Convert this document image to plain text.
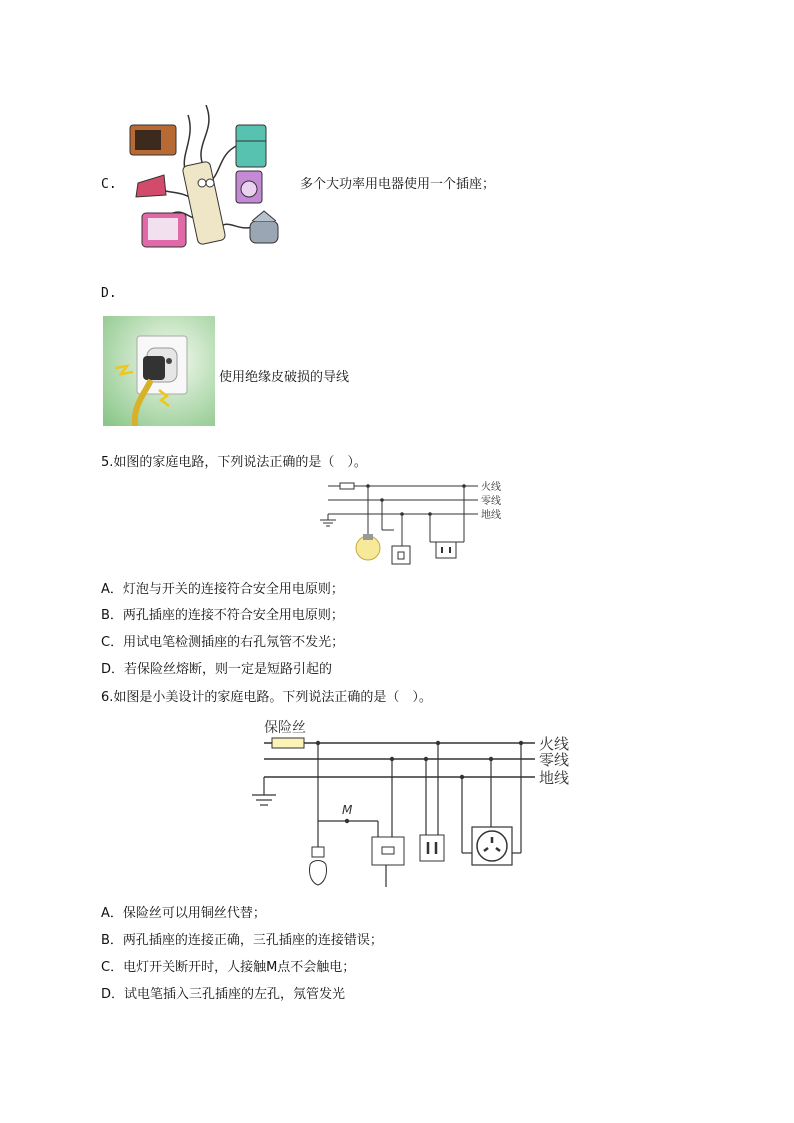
C.	多个大功率用电器使用一个插座；
D.
使用绝缘皮破损的导线
5.如图的家庭电路，下列说法正确的是（　）。
火线
零线
地线
A．灯泡与开关的连接符合安全用电原则；
B．两孔插座的连接不符合安全用电原则；
C．用试电笔检测插座的右孔氖管不发光；
D．若保险丝熔断，则一定是短路引起的
6.如图是小美设计的家庭电路。下列说法正确的是（　）。
保险丝
M
火线
零线
地线
A．保险丝可以用铜丝代替；
B．两孔插座的连接正确，三孔插座的连接错误；
C．电灯开关断开时，人接触M点不会触电；
D．试电笔插入三孔插座的左孔，氖管发光
